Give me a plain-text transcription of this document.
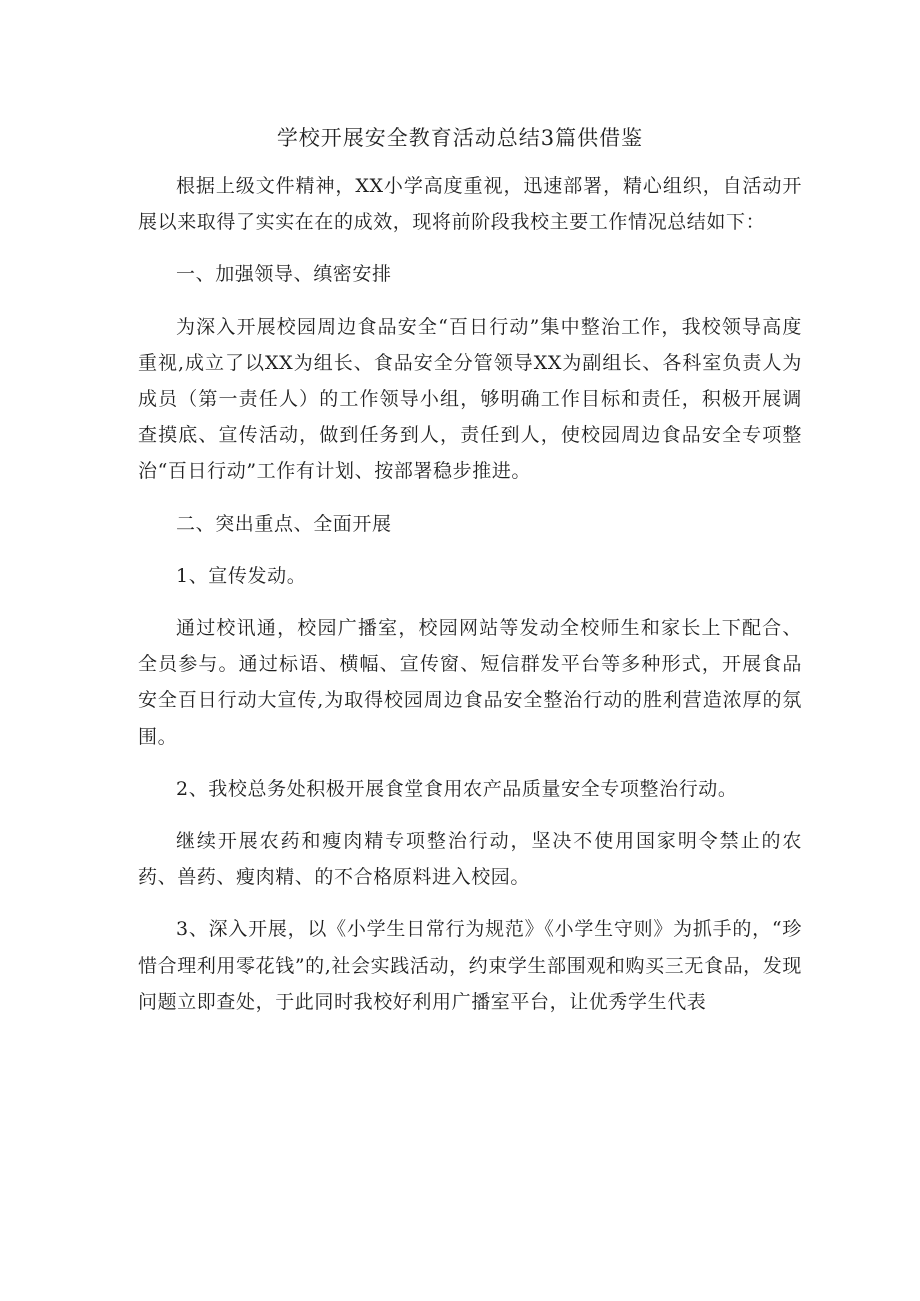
学校开展安全教育活动总结3篇供借鉴

根据上级文件精神，XX小学高度重视，迅速部署，精心组织，自活动开展以来取得了实实在在的成效，现将前阶段我校主要工作情况总结如下：

一、加强领导、缜密安排

为深入开展校园周边食品安全“百日行动”集中整治工作，我校领导高度重视,成立了以XX为组长、食品安全分管领导XX为副组长、各科室负责人为成员（第一责任人）的工作领导小组，够明确工作目标和责任，积极开展调查摸底、宣传活动，做到任务到人，责任到人，使校园周边食品安全专项整治“百日行动”工作有计划、按部署稳步推进。

二、突出重点、全面开展

1、宣传发动。

通过校讯通，校园广播室，校园网站等发动全校师生和家长上下配合、全员参与。通过标语、横幅、宣传窗、短信群发平台等多种形式，开展食品安全百日行动大宣传,为取得校园周边食品安全整治行动的胜利营造浓厚的氛围。

2、我校总务处积极开展食堂食用农产品质量安全专项整治行动。

继续开展农药和瘦肉精专项整治行动，坚决不使用国家明令禁止的农药、兽药、瘦肉精、的不合格原料进入校园。

3、深入开展，以《小学生日常行为规范》《小学生守则》为抓手的，“珍惜合理利用零花钱”的,社会实践活动，约束学生部围观和购买三无食品，发现问题立即查处，于此同时我校好利用广播室平台，让优秀学生代表
